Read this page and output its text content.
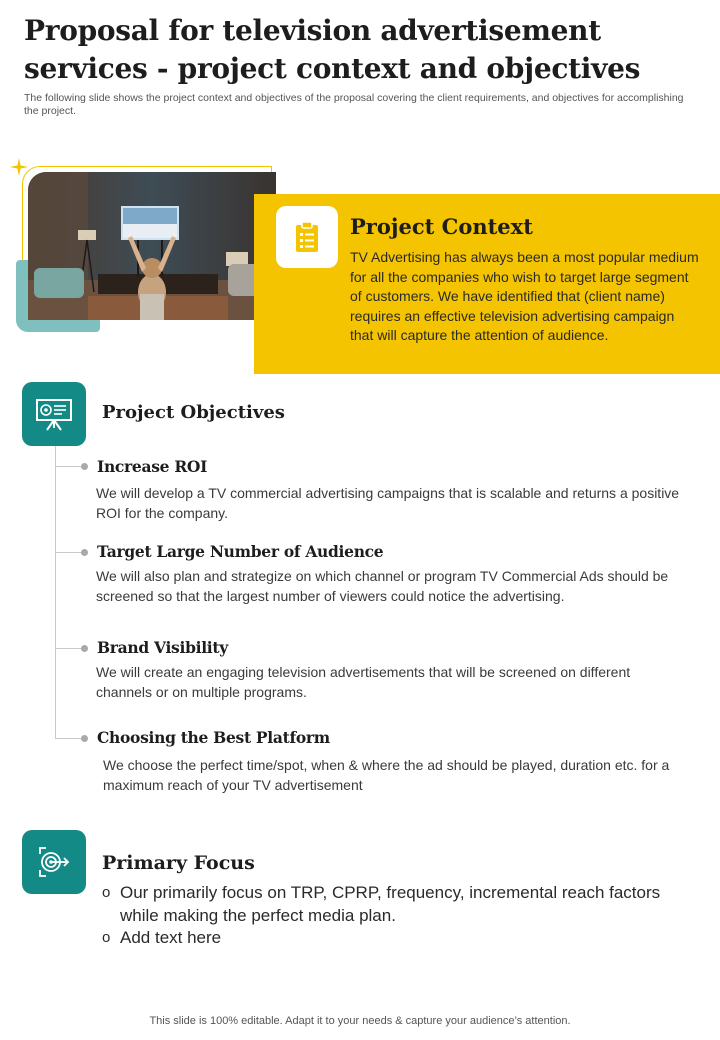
Proposal for television advertisement services - project context and objectives
The following slide shows the project context and objectives of the proposal covering the client requirements, and objectives for accomplishing the project.
Project Context
TV Advertising has always been a most popular medium for all the companies who wish to target large segment of customers. We have identified that (client name) requires an effective television advertising campaign that will capture the attention of audience.
Project Objectives
Increase ROI
We will develop a TV commercial advertising campaigns that is scalable and returns a positive ROI for the company.
Target Large Number of Audience
We will also plan and strategize on which channel or program TV Commercial Ads should be screened so that the largest number of viewers could notice the advertising.
Brand Visibility
We will create an engaging television advertisements that will be screened on different channels or on multiple programs.
Choosing the Best Platform
We choose the perfect time/spot, when & where the ad should be played, duration etc. for a maximum reach of your TV advertisement
Primary Focus
o Our primarily focus on TRP, CPRP, frequency, incremental reach factors while making the perfect media plan.
o Add text here
This slide is 100% editable. Adapt it to your needs & capture your audience’s attention.
